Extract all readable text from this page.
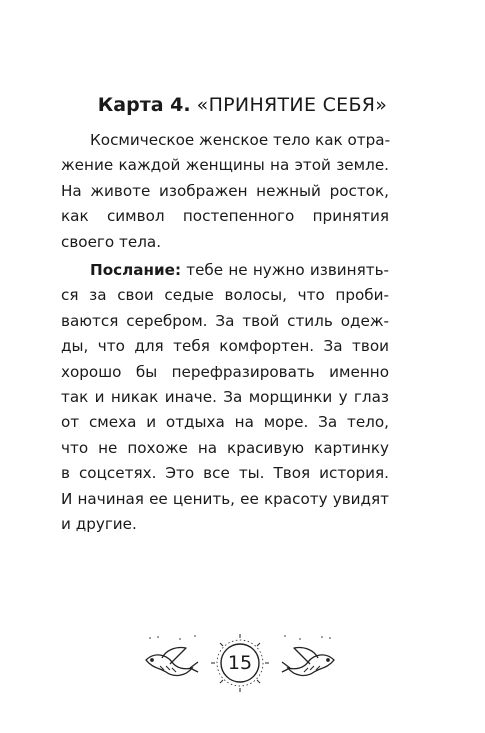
Карта 4. «ПРИНЯТИЕ СЕБЯ»
Космическое женское тело как отра-
жение каждой женщины на этой земле.
На животе изображен нежный росток,
как символ постепенного принятия
своего тела.
Послание: тебе не нужно извинять-
ся за свои седые волосы, что проби-
ваются серебром. За твой стиль одеж-
ды, что для тебя комфортен. За твои
хорошо бы перефразировать именно
так и никак иначе. За морщинки у глаз
от смеха и отдыха на море. За тело,
что не похоже на красивую картинку
в соцсетях. Это все ты. Твоя история.
И начиная ее ценить, ее красоту увидят
и другие.
15
